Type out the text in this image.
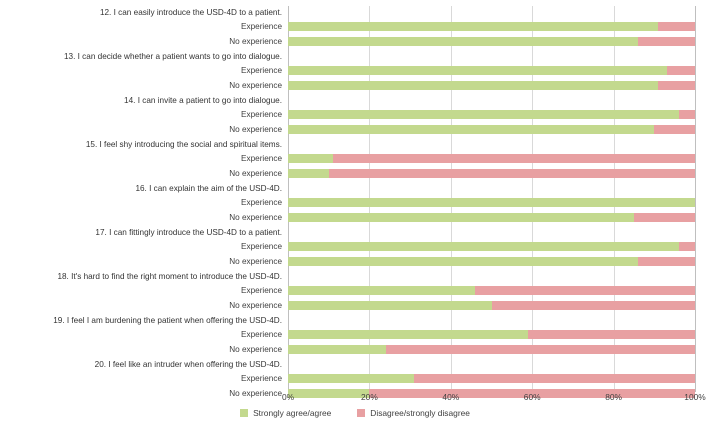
12. I can easily introduce the USD-4D to a patient.
Experience
No experience
13. I can decide whether a patient wants to go into dialogue.
Experience
No experience
14. I can invite a patient to go into dialogue.
Experience
No experience
15. I feel shy introducing the social and spiritual items.
Experience
No experience
16. I can explain the aim of the USD-4D.
Experience
No experience
17. I can fittingly introduce the USD-4D to a patient.
Experience
No experience
18. It's hard to find the right moment to introduce the USD-4D.
Experience
No experience
19. I feel I am burdening the patient when offering the USD-4D.
Experience
No experience
20. I feel like an intruder when offering the USD-4D.
Experience
No experience 0%	20%	40%	60%	80%	100%
Strongly agree/agree	Disagree/strongly disagree
